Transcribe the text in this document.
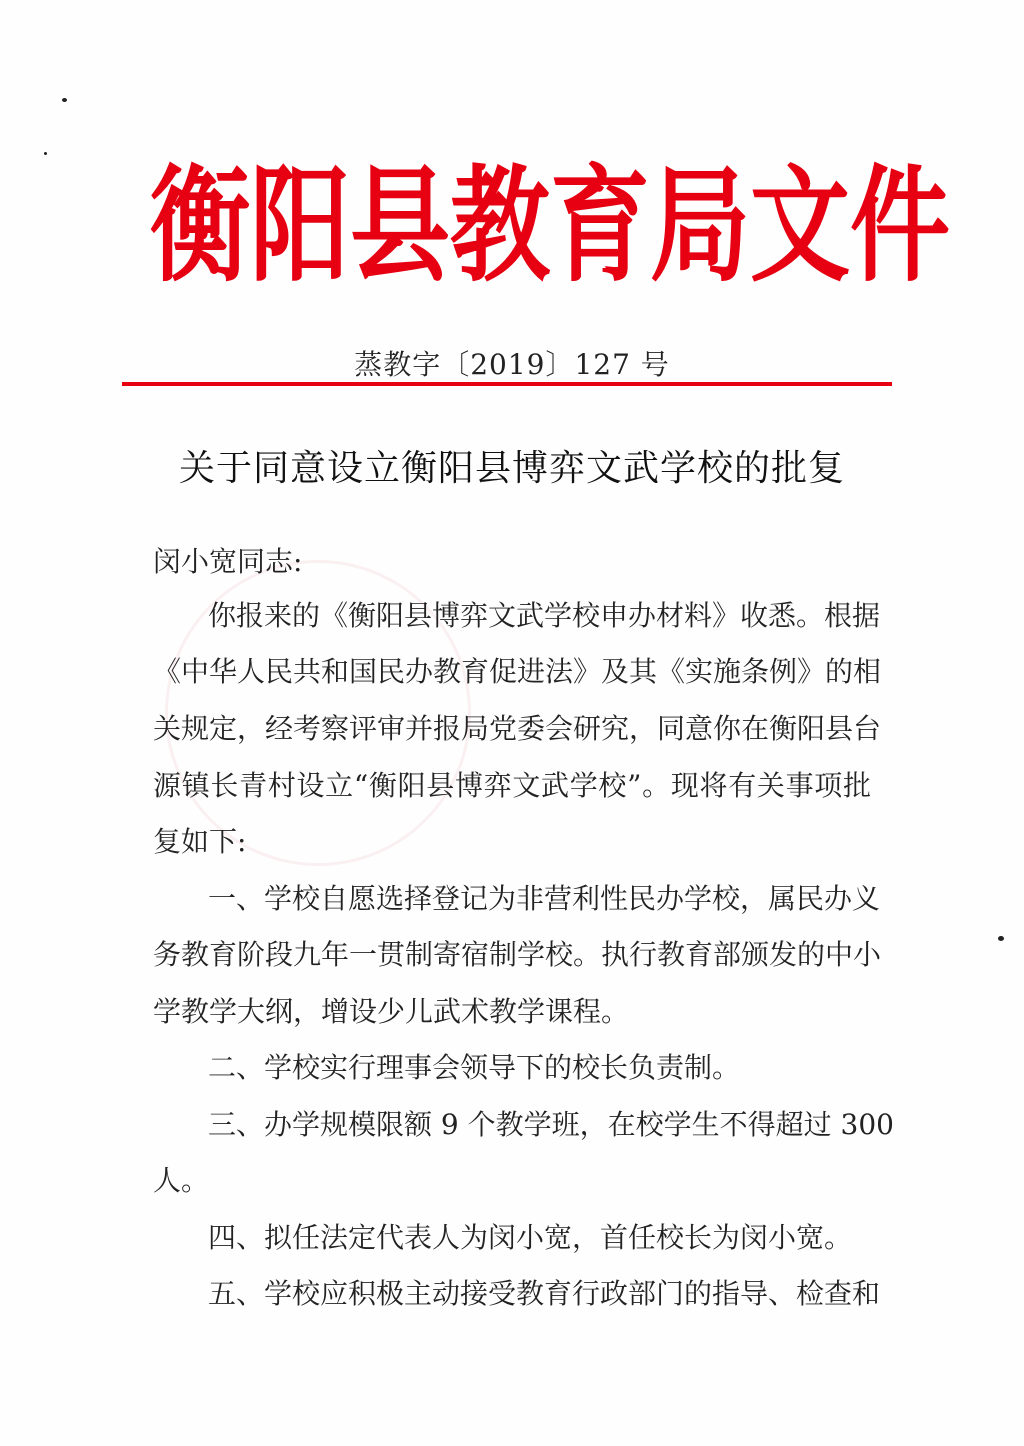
衡 阳 县 教 育 局 文 件
蒸教字〔2019〕127 号
关于同意设立衡阳县博弈文武学校的批复
闵小宽同志:
你报来的《衡阳县博弈文武学校申办材料》收悉。根据
《中华人民共和国民办教育促进法》及其《实施条例》的相
关规定，经考察评审并报局党委会研究，同意你在衡阳县台
源镇长青村设立“衡阳县博弈文武学校”。现将有关事项批
复如下:
一、学校自愿选择登记为非营利性民办学校，属民办义
务教育阶段九年一贯制寄宿制学校。执行教育部颁发的中小
学教学大纲，增设少儿武术教学课程。
二、学校实行理事会领导下的校长负责制。
三、办学规模限额 9 个教学班，在校学生不得超过 300
人。
四、拟任法定代表人为闵小宽，首任校长为闵小宽。
五、学校应积极主动接受教育行政部门的指导、检查和
